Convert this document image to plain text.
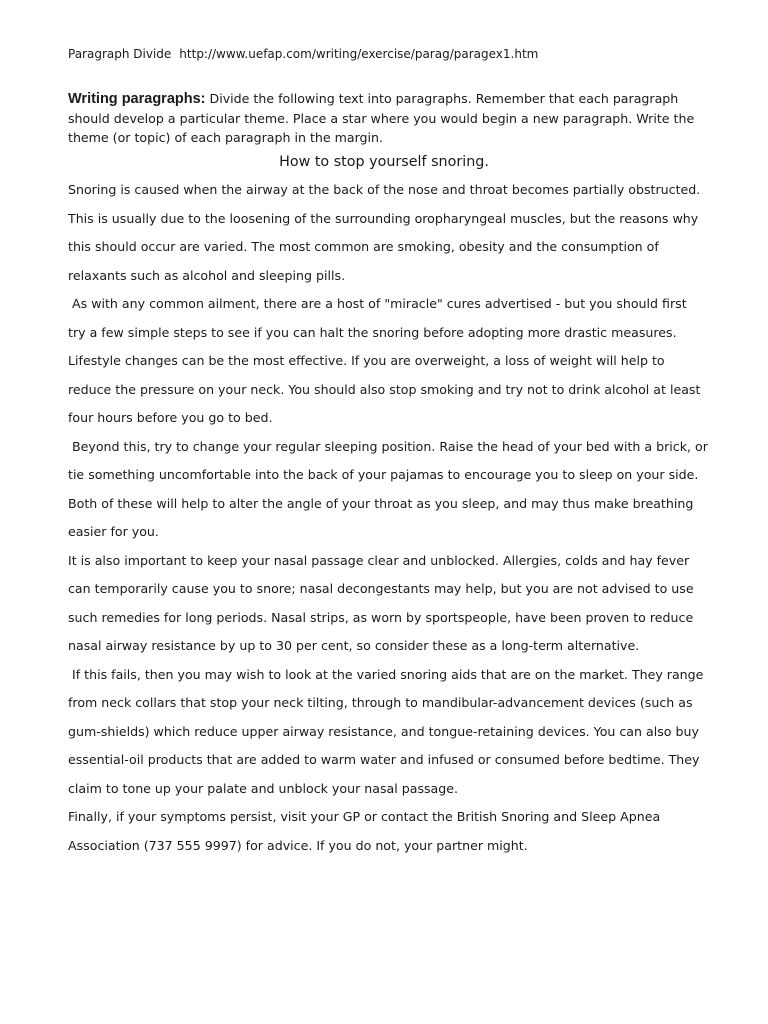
Paragraph Divide http://www.uefap.com/writing/exercise/parag/paragex1.htm
Writing paragraphs: Divide the following text into paragraphs. Remember that each paragraph should develop a particular theme. Place a star where you would begin a new paragraph. Write the theme (or topic) of each paragraph in the margin.
How to stop yourself snoring.

Snoring is caused when the airway at the back of the nose and throat becomes partially obstructed. This is usually due to the loosening of the surrounding oropharyngeal muscles, but the reasons why this should occur are varied. The most common are smoking, obesity and the consumption of relaxants such as alcohol and sleeping pills.

As with any common ailment, there are a host of "miracle" cures advertised - but you should first try a few simple steps to see if you can halt the snoring before adopting more drastic measures. Lifestyle changes can be the most effective. If you are overweight, a loss of weight will help to reduce the pressure on your neck. You should also stop smoking and try not to drink alcohol at least four hours before you go to bed.

Beyond this, try to change your regular sleeping position. Raise the head of your bed with a brick, or tie something uncomfortable into the back of your pajamas to encourage you to sleep on your side. Both of these will help to alter the angle of your throat as you sleep, and may thus make breathing easier for you.

It is also important to keep your nasal passage clear and unblocked. Allergies, colds and hay fever can temporarily cause you to snore; nasal decongestants may help, but you are not advised to use such remedies for long periods. Nasal strips, as worn by sportspeople, have been proven to reduce nasal airway resistance by up to 30 per cent, so consider these as a long-term alternative.

If this fails, then you may wish to look at the varied snoring aids that are on the market. They range from neck collars that stop your neck tilting, through to mandibular-advancement devices (such as gum-shields) which reduce upper airway resistance, and tongue-retaining devices. You can also buy essential-oil products that are added to warm water and infused or consumed before bedtime. They claim to tone up your palate and unblock your nasal passage.

Finally, if your symptoms persist, visit your GP or contact the British Snoring and Sleep Apnea Association (737 555 9997) for advice. If you do not, your partner might.
